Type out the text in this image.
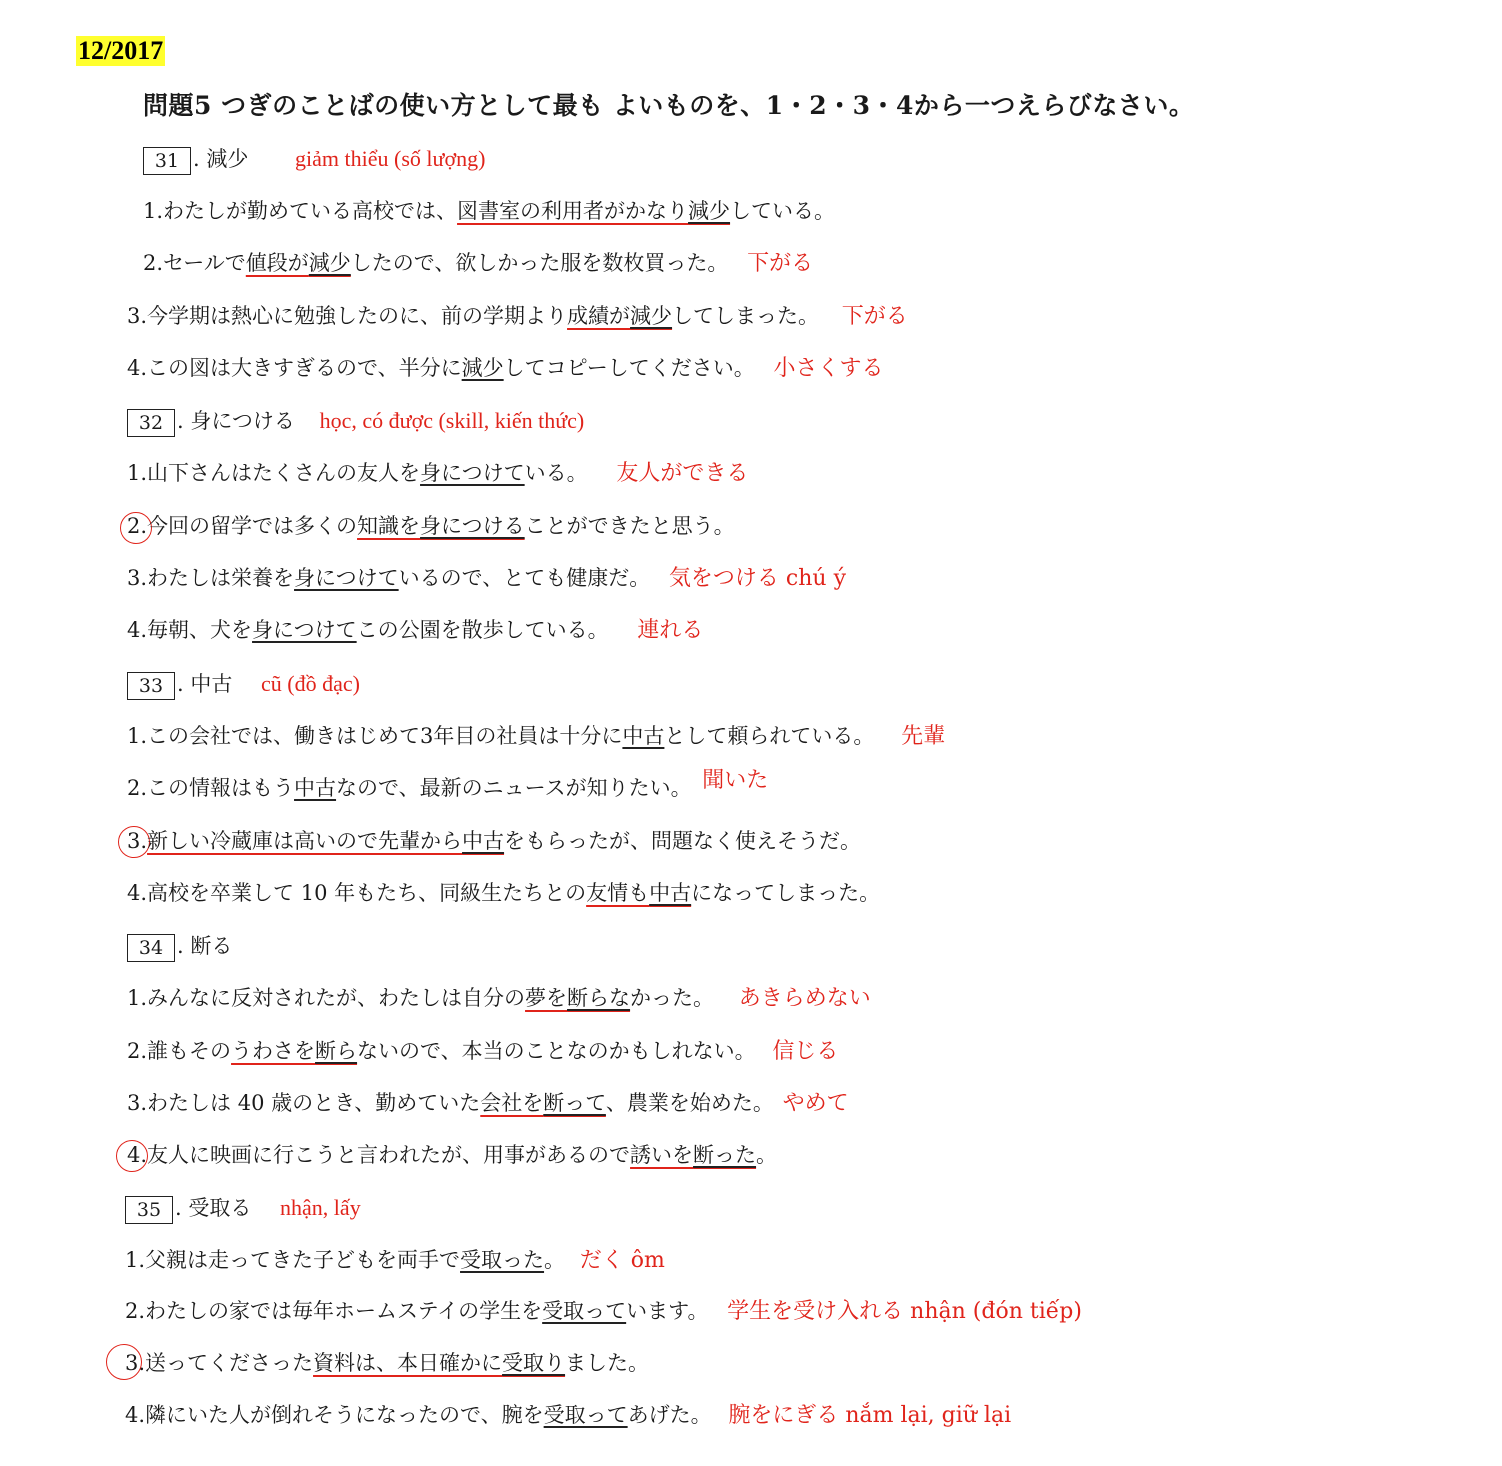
12/2017
問題5 つぎのことばの使い方として最も よいものを、1・2・3・4から一つえらびなさい。
31 . 減少 giảm thiểu (số lượng)
1.わたしが勤めている高校では、図書室の利用者がかなり減少している。
2.セールで値段が減少したので、欲しかった服を数枚買った。 下がる
3.今学期は熱心に勉強したのに、前の学期より成績が減少してしまった。 下がる
4.この図は大きすぎるので、半分に減少してコピーしてください。 小さくする
32 . 身につける học, có được (skill, kiến thức)
1.山下さんはたくさんの友人を身につけている。 友人ができる
2.今回の留学では多くの知識を身につけることができたと思う。
3.わたしは栄養を身につけているので、とても健康だ。 気をつける chú ý
4.毎朝、犬を身につけてこの公園を散歩している。 連れる
33 . 中古 cũ (đồ đạc)
1.この会社では、働きはじめて3年目の社員は十分に中古として頼られている。 先輩
2.この情報はもう中古なので、最新のニュースが知りたい。 聞いた
3.新しい冷蔵庫は高いので先輩から中古をもらったが、問題なく使えそうだ。
4.高校を卒業して 10 年もたち、同級生たちとの友情も中古になってしまった。
34 . 断る
1.みんなに反対されたが、わたしは自分の夢を断らなかった。 あきらめない
2.誰もそのうわさを断らないので、本当のことなのかもしれない。 信じる
3.わたしは 40 歳のとき、勤めていた会社を断って、農業を始めた。 やめて
4.友人に映画に行こうと言われたが、用事があるので誘いを断った。
35 . 受取る nhận, lấy
1.父親は走ってきた子どもを両手で受取った。 だく ôm
2.わたしの家では毎年ホームステイの学生を受取っています。 学生を受け入れる nhận (đón tiếp)
3.送ってくださった資料は、本日確かに受取りました。
4.隣にいた人が倒れそうになったので、腕を受取ってあげた。 腕をにぎる nắm lại, giữ lại
